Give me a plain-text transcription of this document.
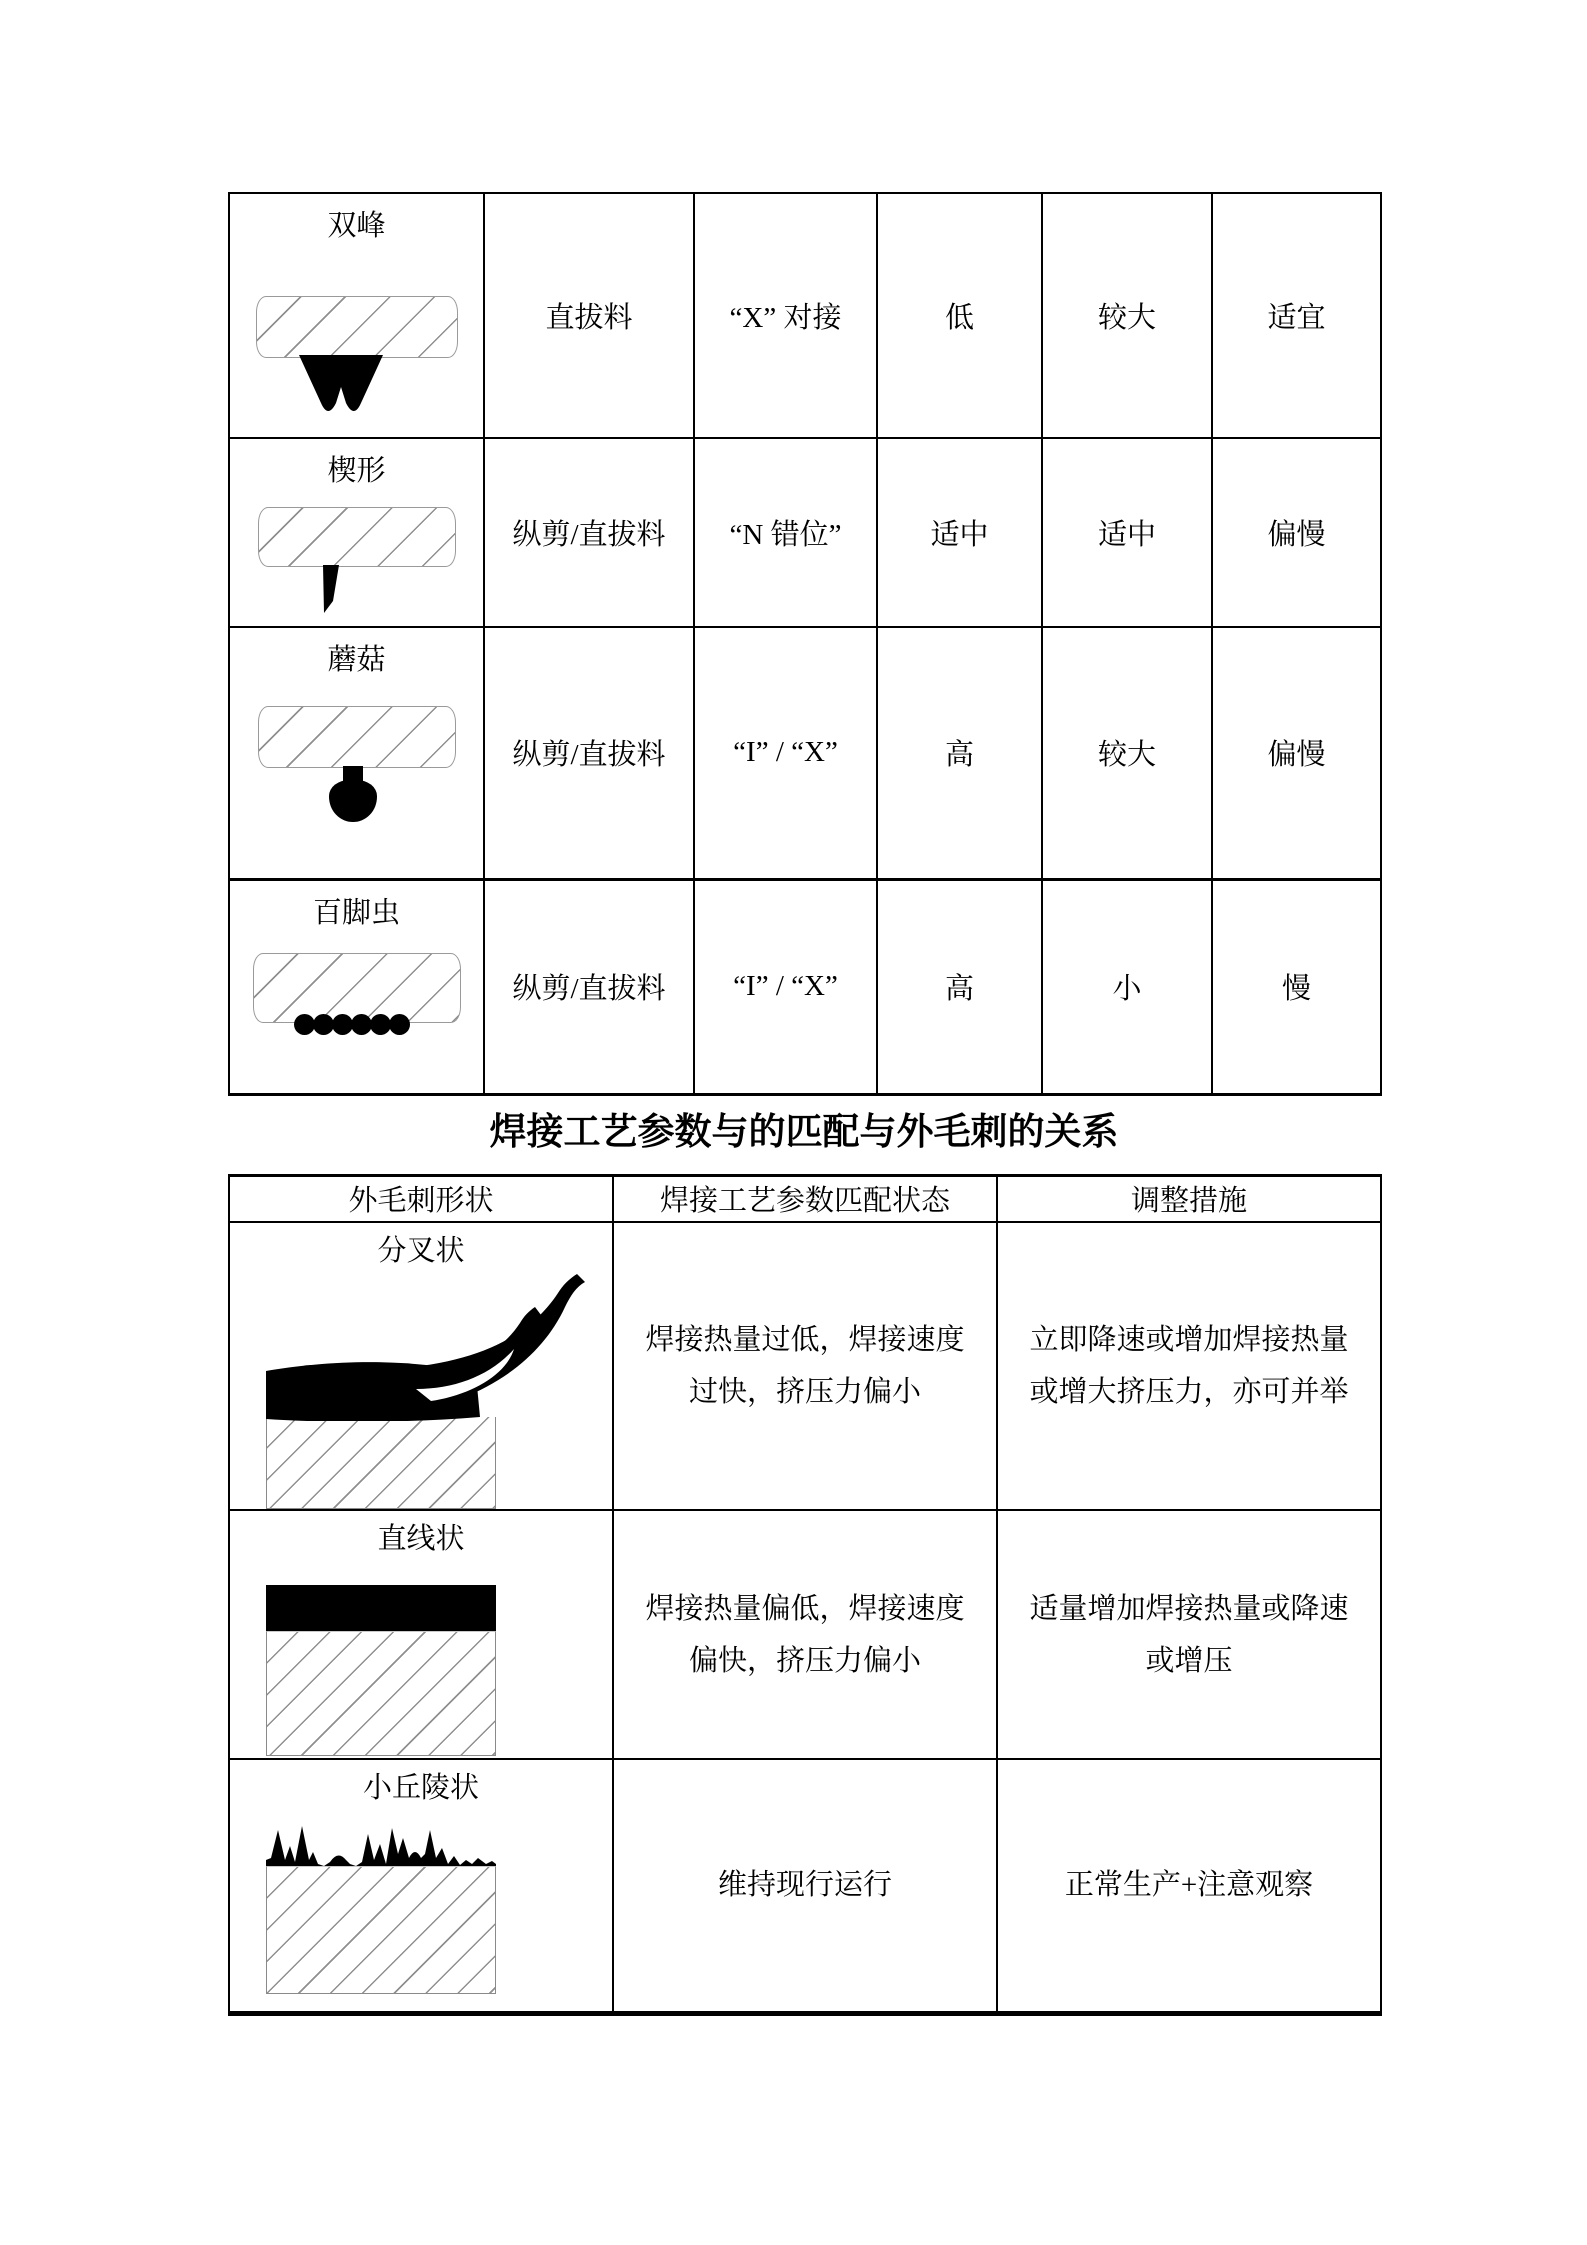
双峰	直拔料	“X” 对接	低	较大	适宜

楔形	纵剪/直拔料	“N 错位”	适中	适中	偏慢

蘑菇	纵剪/直拔料	“I” / “X”	高	较大	偏慢

百脚虫	纵剪/直拔料	“I” / “X”	高	小	慢
焊接工艺参数与的匹配与外毛刺的关系
外毛刺形状	焊接工艺参数匹配状态	调整措施

分叉状	焊接热量过低，焊接速度过快，挤压力偏小	立即降速或增加焊接热量或增大挤压力，亦可并举

直线状	焊接热量偏低，焊接速度偏快，挤压力偏小	适量增加焊接热量或降速或增压

小丘陵状	维持现行运行	正常生产+注意观察
